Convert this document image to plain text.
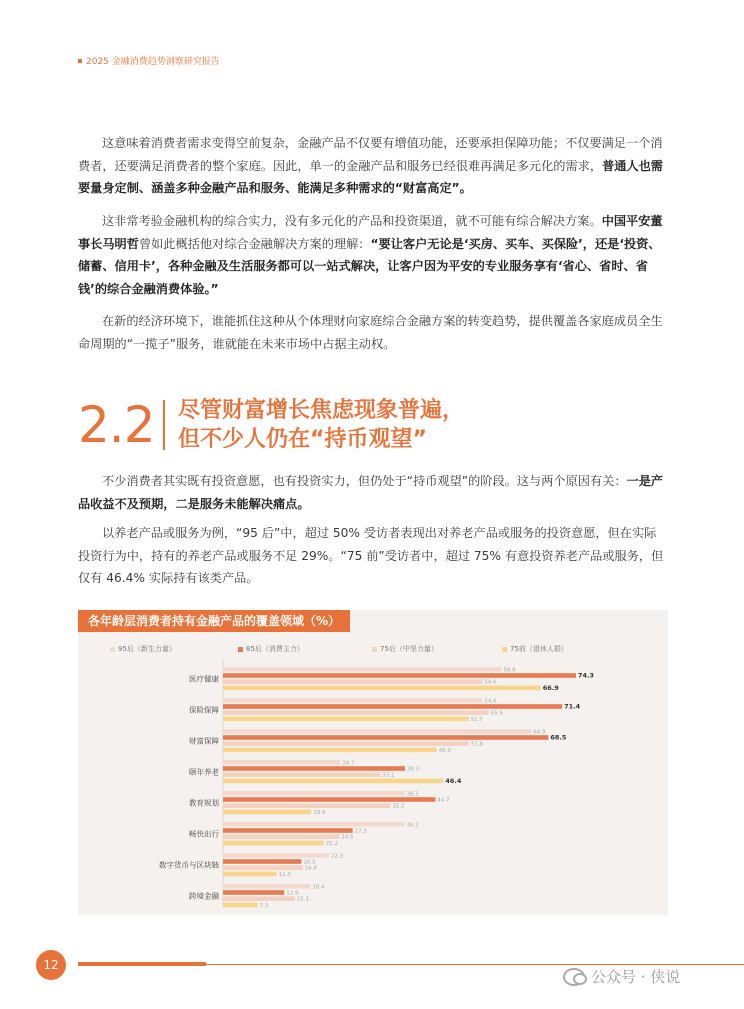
2025 金融消费趋势洞察研究报告

这意味着消费者需求变得空前复杂，金融产品不仅要有增值功能，还要承担保障功能；不仅要满足一个消费者，还要满足消费者的整个家庭。因此，单一的金融产品和服务已经很难再满足多元化的需求，普通人也需要量身定制、涵盖多种金融产品和服务、能满足多种需求的“财富高定”。

这非常考验金融机构的综合实力，没有多元化的产品和投资渠道，就不可能有综合解决方案。中国平安董事长马明哲曾如此概括他对综合金融解决方案的理解：“要让客户无论是‘买房、买车、买保险’，还是‘投资、储蓄、信用卡’，各种金融及生活服务都可以一站式解决，让客户因为平安的专业服务享有‘省心、省时、省钱’的综合金融消费体验。”

在新的经济环境下，谁能抓住这种从个体理财向家庭综合金融方案的转变趋势，提供覆盖各家庭成员全生命周期的“一揽子”服务，谁就能在未来市场中占据主动权。

2.2 尽管财富增长焦虑现象普遍，
但不少人仍在“持币观望”

不少消费者其实既有投资意愿，也有投资实力，但仍处于“持币观望”的阶段。这与两个原因有关：一是产品收益不及预期，二是服务未能解决痛点。

以养老产品或服务为例，“95 后”中，超过 50% 受访者表现出对养老产品或服务的投资意愿，但在实际投资行为中，持有的养老产品或服务不足 29%。“75 前”受访者中，超过 75% 有意投资养老产品或服务，但仅有 46.4% 实际持有该类产品。

各年龄层消费者持有金融产品的覆盖领域（%）
95后（新生力量）	85后（消费主力）	75后（中坚力量）	75前（退休人群）
医疗健康
58.6
74.3
54.6
66.9
保险保障
54.6
71.4
55.9
51.7
财富保障
64.9
68.5
51.8
45.0
颐年养老
24.7
38.3
33.1
46.4
教育规划
38.2
44.7
35.2
18.6
畅快出行
38.2
27.3
24.5
21.2
数字货币与区块链
22.3
16.5
16.8
11.3
跨境金融
18.4
12.9
15.1
7.3
12
公众号 · 侠说
